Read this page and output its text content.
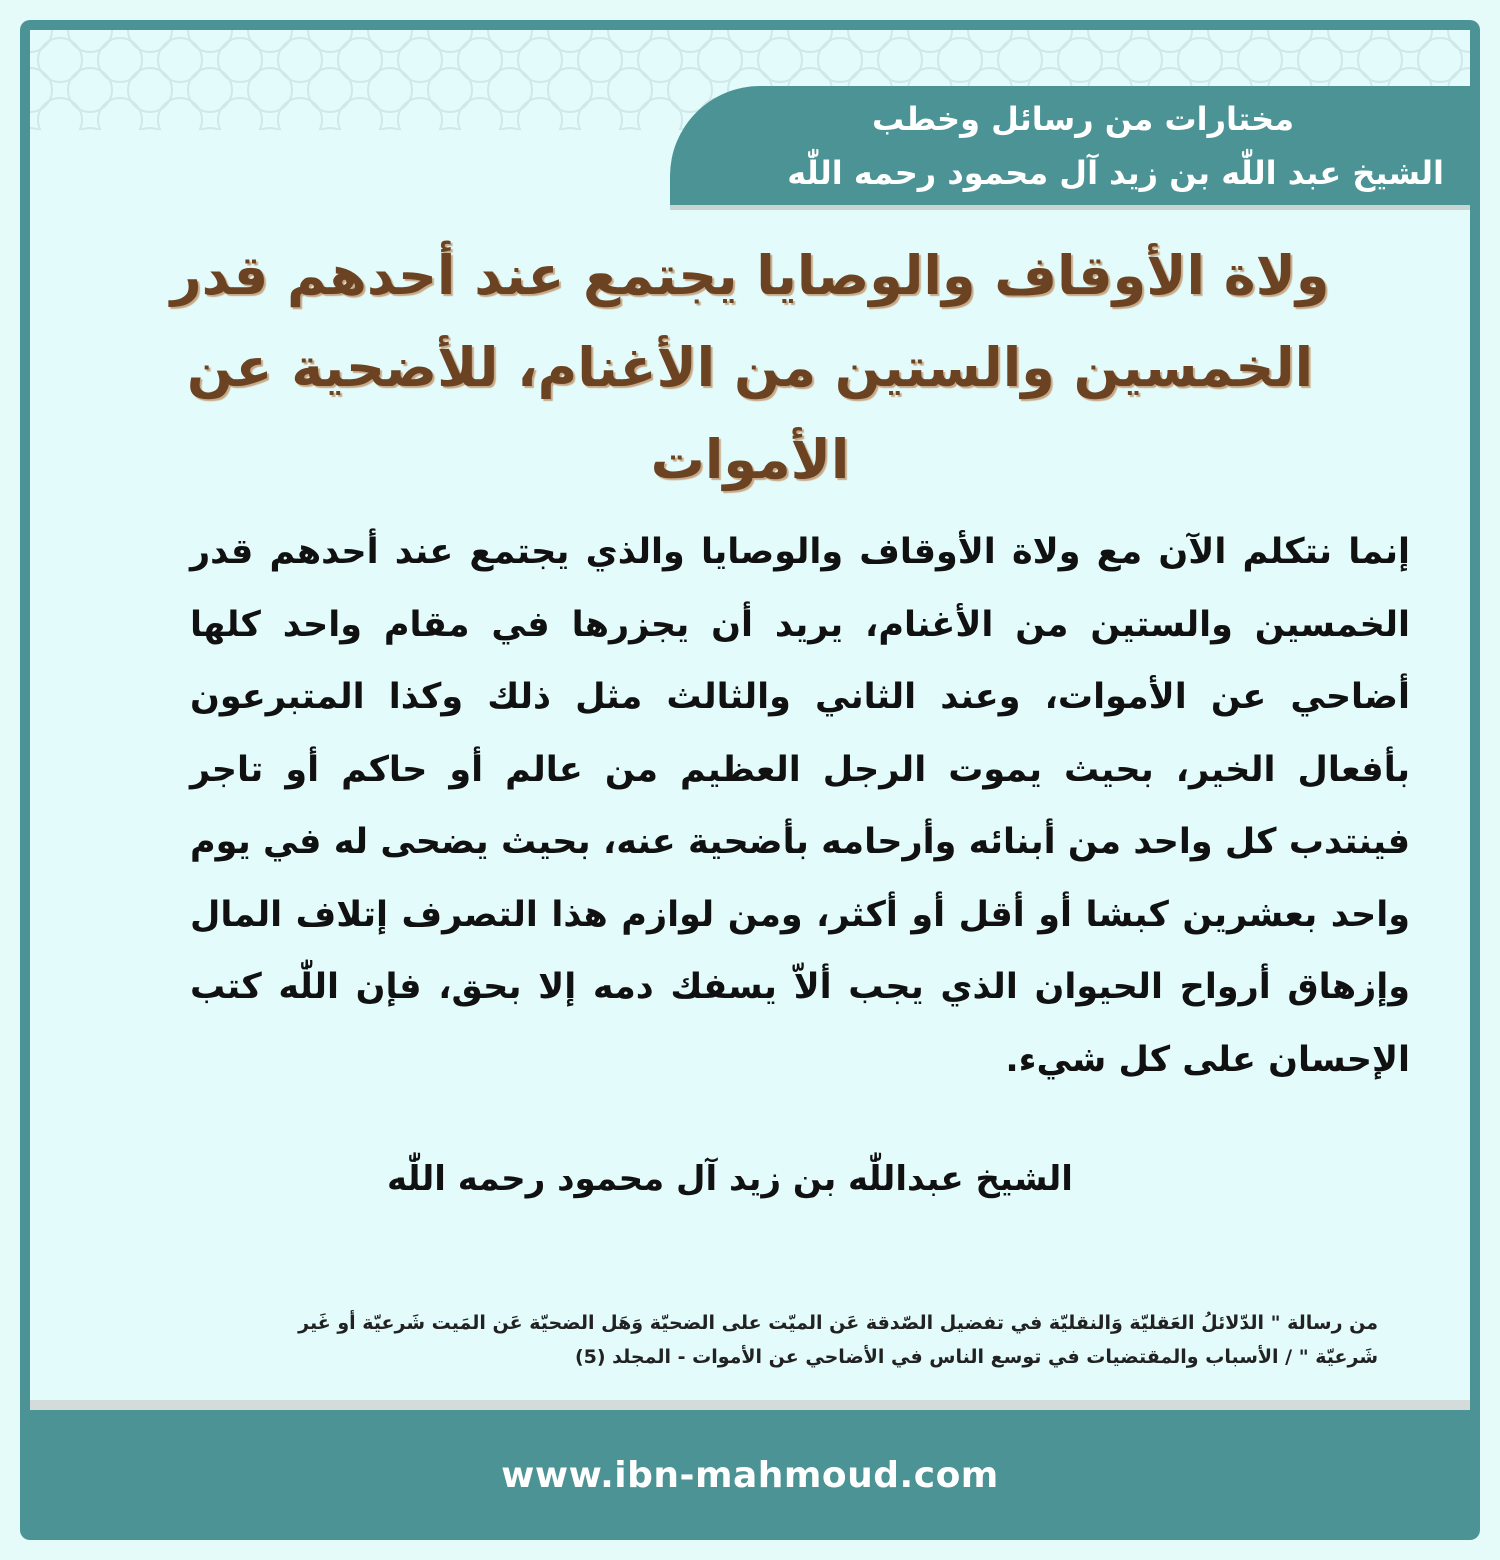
مختارات من رسائل وخطب
الشيخ عبد اللّٰه بن زيد آل محمود رحمه اللّٰه
ولاة الأوقاف والوصايا يجتمع عند أحدهم قدر الخمسين والستين من الأغنام، للأضحية عن الأموات
إنما نتكلم الآن مع ولاة الأوقاف والوصايا والذي يجتمع عند أحدهم قدر الخمسين والستين من الأغنام، يريد أن يجزرها في مقام واحد كلها أضاحي عن الأموات، وعند الثاني والثالث مثل ذلك وكذا المتبرعون بأفعال الخير، بحيث يموت الرجل العظيم من عالم أو حاكم أو تاجر فينتدب كل واحد من أبنائه وأرحامه بأضحية عنه، بحيث يضحى له في يوم واحد بعشرين كبشا أو أقل أو أكثر، ومن لوازم هذا التصرف إتلاف المال وإزهاق أرواح الحيوان الذي يجب ألاّ يسفك دمه إلا بحق، فإن اللّٰه كتب الإحسان على كل شيء.
الشيخ عبداللّٰه بن زيد آل محمود رحمه اللّٰه
من رسالة " الدّلائلُ العَقليّة وَالنقليّة في تفضيل الصّدقة عَن الميّت على الضحيّة وَهَل الضحيّة عَن المَيت شَرعيّة أو غَير
شَرعيّة " / الأسباب والمقتضيات في توسع الناس في الأضاحي عن الأموات - المجلد (5)
www.ibn-mahmoud.com
